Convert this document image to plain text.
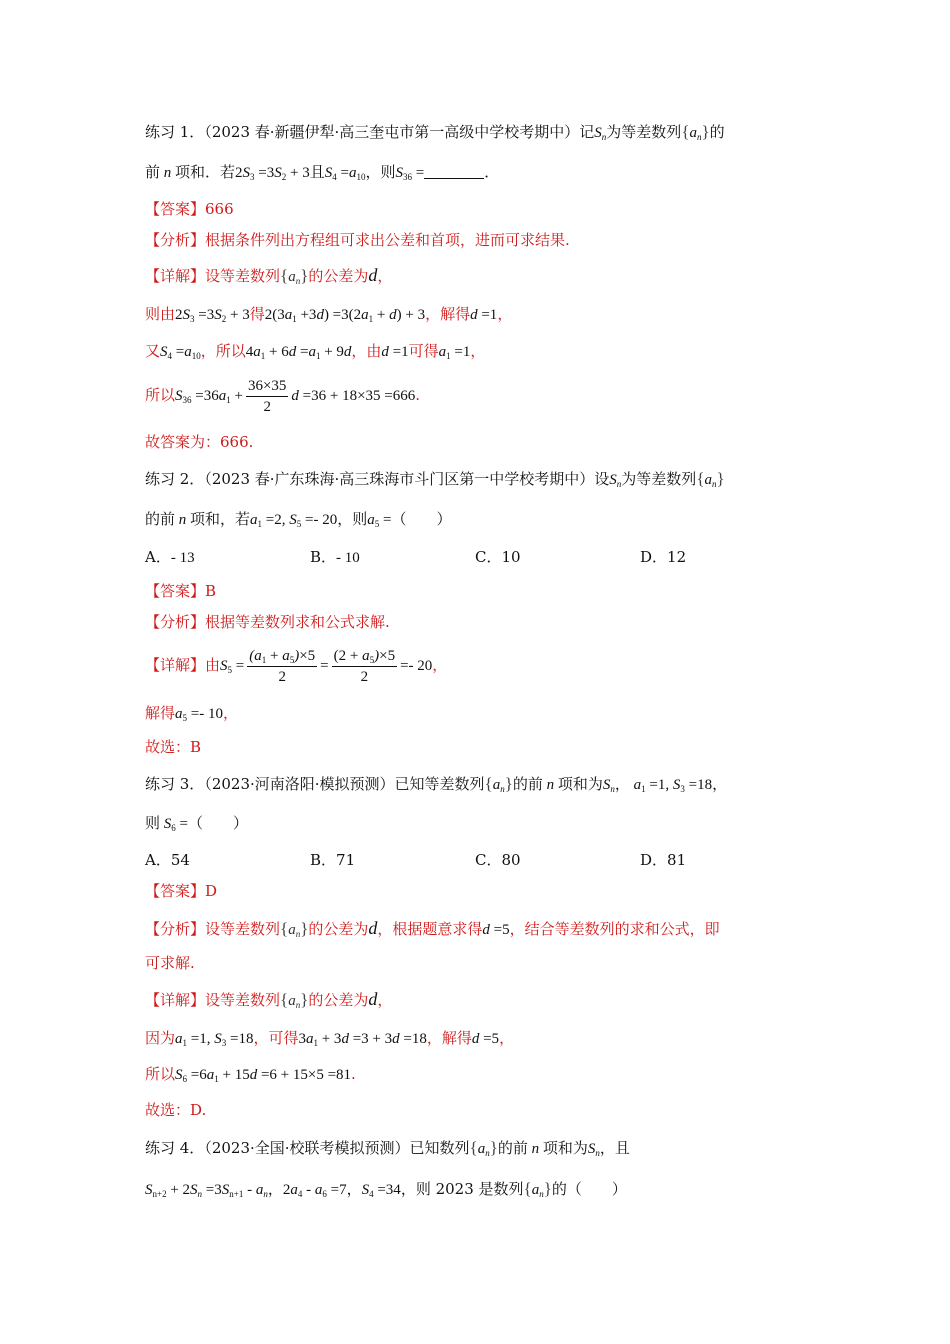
练习 1．（2023 春·新疆伊犁·高三奎屯市第一高级中学校考期中）记$S_n$为等差数列$\{a_n\}$的
前 n 项和．若$2S_3 =3S_2 + 3$且$S_4 =a_{10}$，则$S_{36}$ =	．
【答案】666
【分析】根据条件列出方程组可求出公差和首项，进而可求结果.
【详解】设等差数列$\{a_n\}$的公差为d，
则由$2S_3 =3S_2 + 3$得$2(3a_1 +3d) =3(2a_1 + d) + 3$，解得d =1，
又$S_4 =a_{10}$，所以$4a_1 + 6d =a_1 + 9d$，由d =1可得$a_1 =1$，
所以$S_{36} =36a_1 + \frac{36\times 35}{2}$ d =36 + 18×35 =666.
故答案为：666.
练习 2．（2023 春·广东珠海·高三珠海市斗门区第一中学校考期中）设$S_n$为等差数列$\{a_n\}$
的前 n 项和，若$a_1 =2$, $S_5 =- 20$，则$a_5$ =（　　）
A．- 13	B．- 10	C．10	D．12
【答案】B
【分析】根据等差数列求和公式求解.
【详解】由$S_5 = \frac{(a_1 + a_5)\times 5}{2} = \frac{(2 + a_5)\times 5}{2} =- 20$，
解得$a_5 =- 10$，
故选：B
练习 3．（2023·河南洛阳·模拟预测）已知等差数列$\{a_n\}$的前 n 项和为$S_n$， $a_1 =1$, $S_3 =18$，
则 $S_6$ =（　　）
A．54	B．71	C．80	D．81
【答案】D
【分析】设等差数列$\{a_n\}$的公差为d，根据题意求得d =5，结合等差数列的求和公式，即
可求解.
【详解】设等差数列$\{a_n\}$的公差为d，
因为$a_1 =1$, $S_3 =18$，可得$3a_1 + 3d =3 + 3d =18$，解得d =5，
所以$S_6 =6a_1 + 15d =6 + 15\times 5 =81$.
故选：D.
练习 4．（2023·全国·校联考模拟预测）已知数列$\{a_n\}$的前 n 项和为$S_n$，且
$S_{n+2} + 2S_n =3S_{n+1} - a_n$，$2a_4 - a_6 =7$，$S_4 =34$，则 2023 是数列$\{a_n\}$的（　　）
